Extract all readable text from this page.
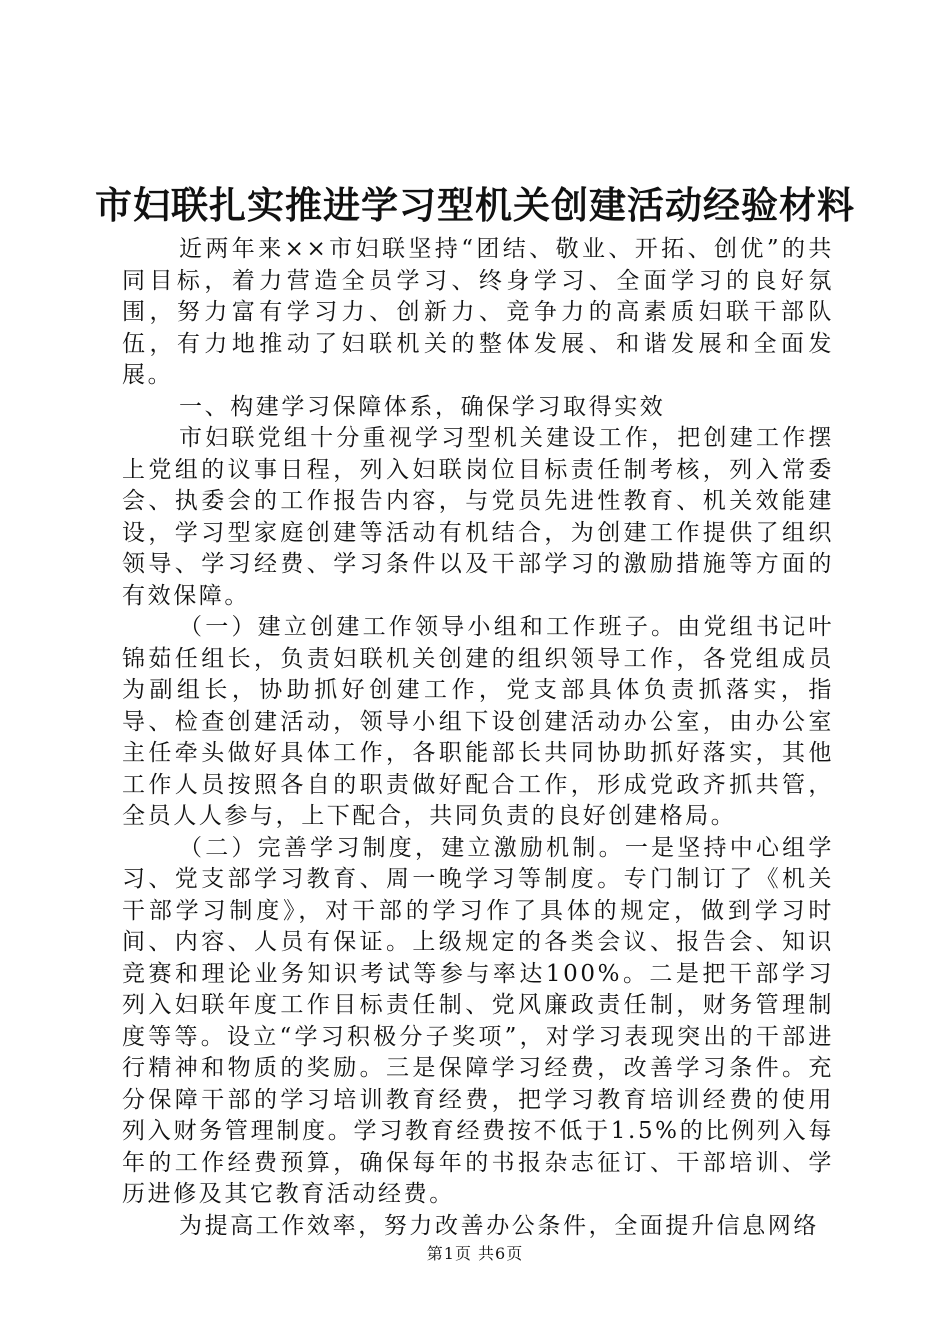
市妇联扎实推进学习型机关创建活动经验材料

近两年来××市妇联坚持“团结、敬业、开拓、创优”的共同目标，着力营造全员学习、终身学习、全面学习的良好氛围，努力富有学习力、创新力、竞争力的高素质妇联干部队伍，有力地推动了妇联机关的整体发展、和谐发展和全面发展。

一、构建学习保障体系，确保学习取得实效

市妇联党组十分重视学习型机关建设工作，把创建工作摆上党组的议事日程，列入妇联岗位目标责任制考核，列入常委会、执委会的工作报告内容，与党员先进性教育、机关效能建设，学习型家庭创建等活动有机结合，为创建工作提供了组织领导、学习经费、学习条件以及干部学习的激励措施等方面的有效保障。

（一）建立创建工作领导小组和工作班子。由党组书记叶锦茹任组长，负责妇联机关创建的组织领导工作，各党组成员为副组长，协助抓好创建工作，党支部具体负责抓落实，指导、检查创建活动，领导小组下设创建活动办公室，由办公室主任牵头做好具体工作，各职能部长共同协助抓好落实，其他工作人员按照各自的职责做好配合工作，形成党政齐抓共管，全员人人参与，上下配合，共同负责的良好创建格局。

（二）完善学习制度，建立激励机制。一是坚持中心组学习、党支部学习教育、周一晚学习等制度。专门制订了《机关干部学习制度》，对干部的学习作了具体的规定，做到学习时间、内容、人员有保证。上级规定的各类会议、报告会、知识竞赛和理论业务知识考试等参与率达100%。二是把干部学习列入妇联年度工作目标责任制、党风廉政责任制，财务管理制度等等。设立“学习积极分子奖项”，对学习表现突出的干部进行精神和物质的奖励。三是保障学习经费，改善学习条件。充分保障干部的学习培训教育经费，把学习教育培训经费的使用列入财务管理制度。学习教育经费按不低于1.5%的比例列入每年的工作经费预算，确保每年的书报杂志征订、干部培训、学历进修及其它教育活动经费。

为提高工作效率，努力改善办公条件，全面提升信息网络

第1页 共6页
